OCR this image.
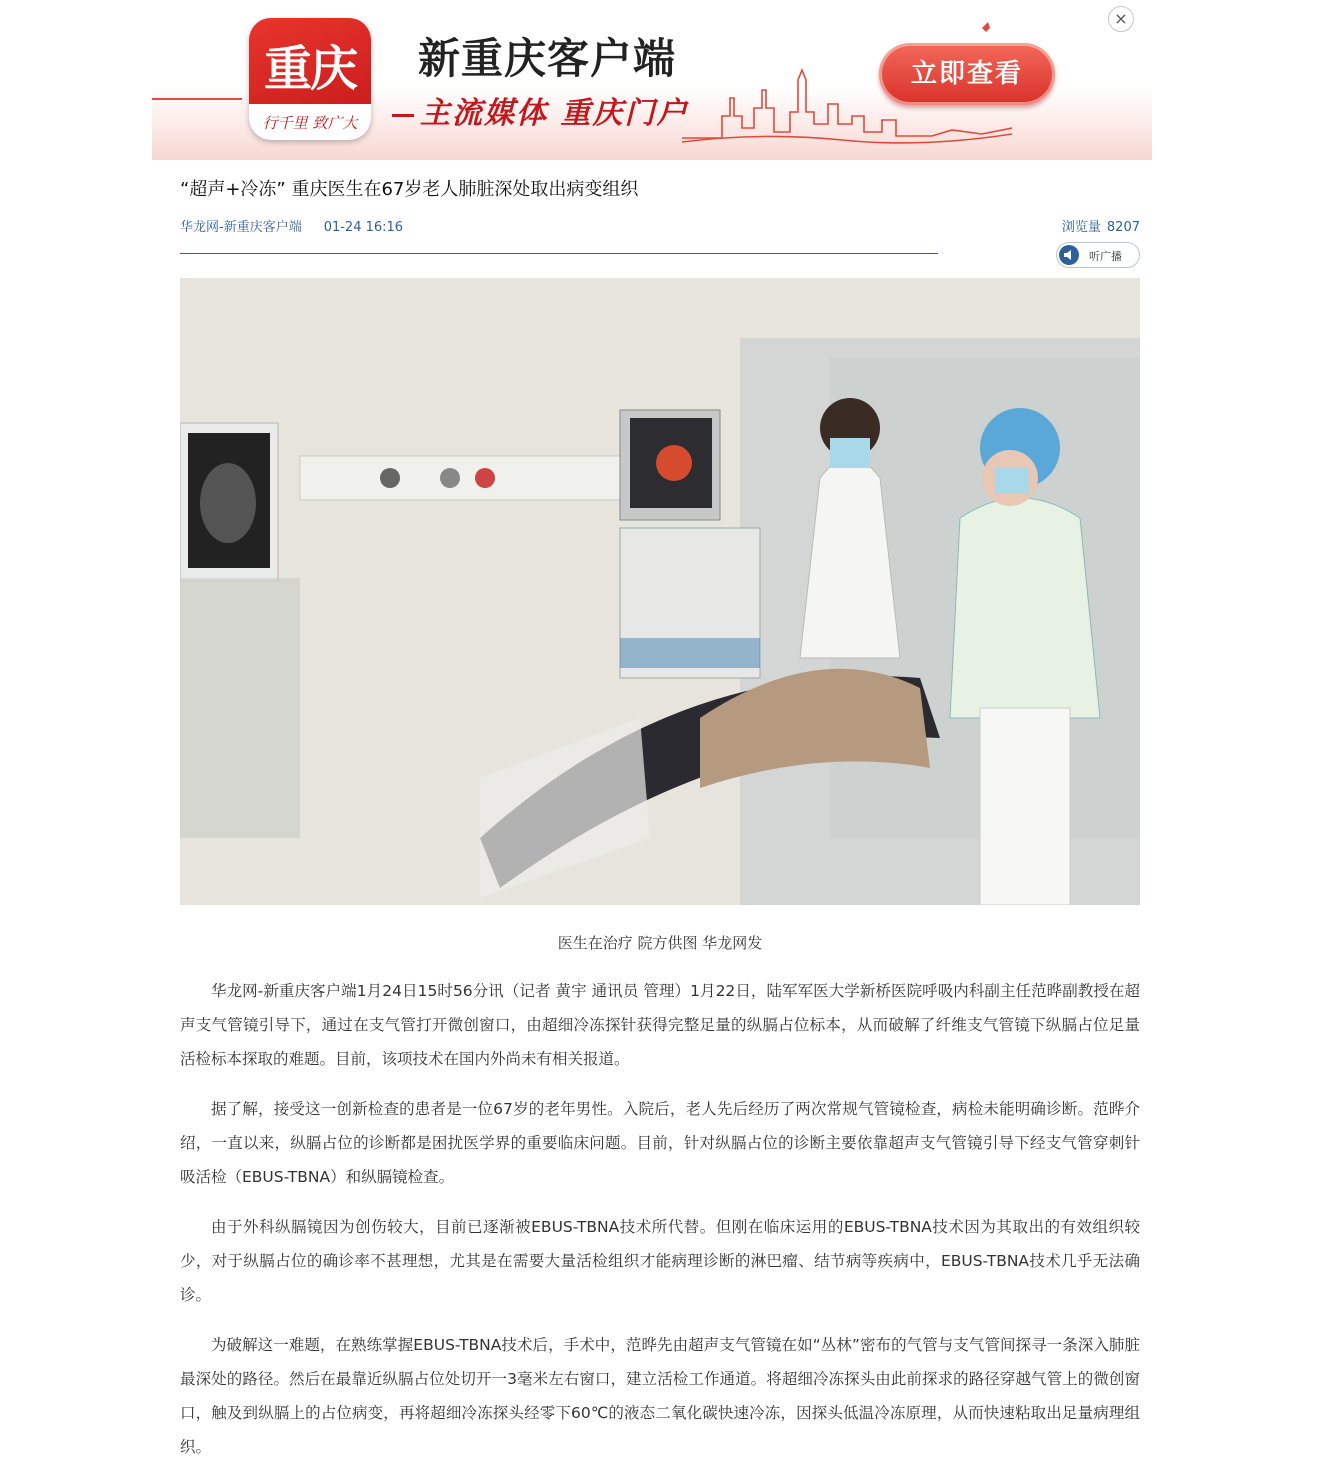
重庆
行千里 致广大
新重庆客户端
主流媒体 重庆门户
立即查看
×
“超声+冷冻” 重庆医生在67岁老人肺脏深处取出病变组织
华龙网-新重庆客户端 01-24 16:16	浏览量 8207
听广播
医生在治疗 院方供图 华龙网发

华龙网-新重庆客户端1月24日15时56分讯（记者 黄宇 通讯员 管理）1月22日，陆军军医大学新桥医院呼吸内科副主任范晔副教授在超声支气管镜引导下，通过在支气管打开微创窗口，由超细冷冻探针获得完整足量的纵膈占位标本，从而破解了纤维支气管镜下纵膈占位足量活检标本探取的难题。目前，该项技术在国内外尚未有相关报道。

据了解，接受这一创新检查的患者是一位67岁的老年男性。入院后，老人先后经历了两次常规气管镜检查，病检未能明确诊断。范晔介绍，一直以来，纵膈占位的诊断都是困扰医学界的重要临床问题。目前，针对纵膈占位的诊断主要依靠超声支气管镜引导下经支气管穿刺针吸活检（EBUS-TBNA）和纵膈镜检查。

由于外科纵膈镜因为创伤较大，目前已逐渐被EBUS-TBNA技术所代替。但刚在临床运用的EBUS-TBNA技术因为其取出的有效组织较少，对于纵膈占位的确诊率不甚理想，尤其是在需要大量活检组织才能病理诊断的淋巴瘤、结节病等疾病中，EBUS-TBNA技术几乎无法确诊。

为破解这一难题，在熟练掌握EBUS-TBNA技术后，手术中，范晔先由超声支气管镜在如“丛林”密布的气管与支气管间探寻一条深入肺脏最深处的路径。然后在最靠近纵膈占位处切开一3毫米左右窗口，建立活检工作通道。将超细冷冻探头由此前探求的路径穿越气管上的微创窗口，触及到纵膈上的占位病变，再将超细冷冻探头经零下60℃的液态二氧化碳快速冷冻，因探头低温冷冻原理，从而快速粘取出足量病理组织。
